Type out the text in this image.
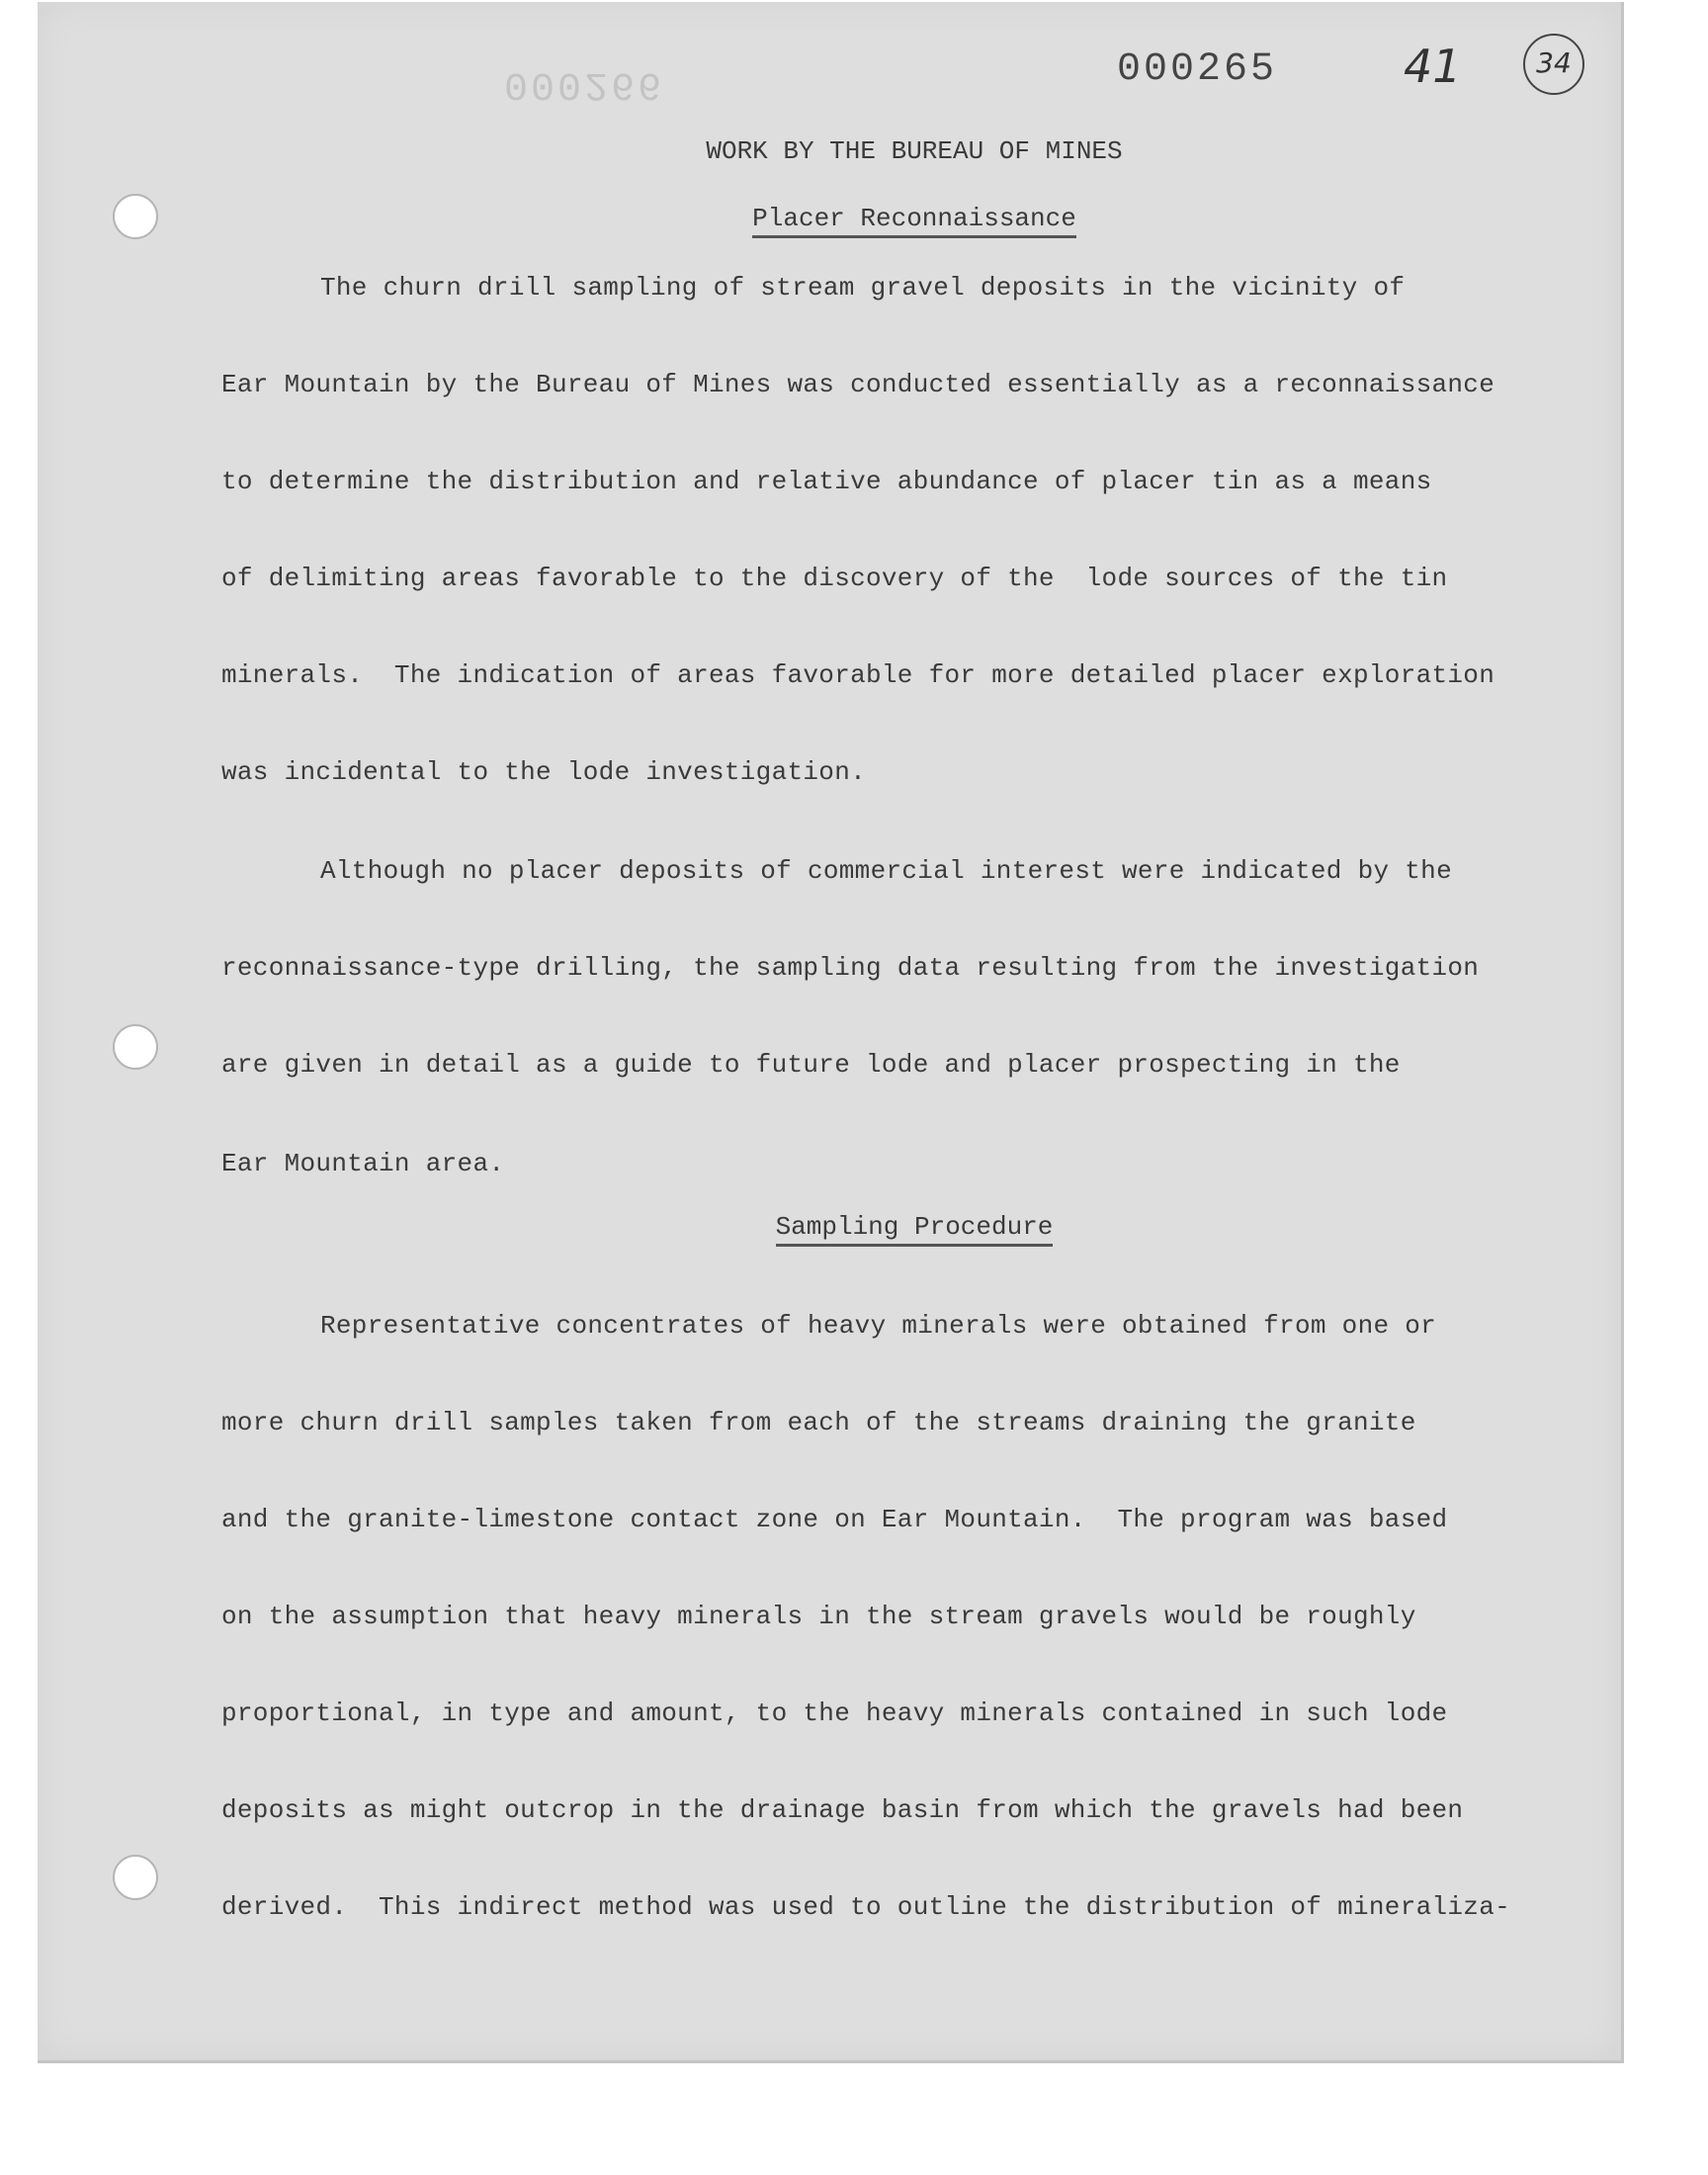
000266	000265	41	34
WORK BY THE BUREAU OF MINES
Placer Reconnaissance
The churn drill sampling of stream gravel deposits in the vicinity of
Ear Mountain by the Bureau of Mines was conducted essentially as a reconnaissance
to determine the distribution and relative abundance of placer tin as a means
of delimiting areas favorable to the discovery of the  lode sources of the tin
minerals.  The indication of areas favorable for more detailed placer exploration
was incidental to the lode investigation.
Although no placer deposits of commercial interest were indicated by the
reconnaissance-type drilling, the sampling data resulting from the investigation
are given in detail as a guide to future lode and placer prospecting in the
Ear Mountain area.
Sampling Procedure
Representative concentrates of heavy minerals were obtained from one or
more churn drill samples taken from each of the streams draining the granite
and the granite-limestone contact zone on Ear Mountain.  The program was based
on the assumption that heavy minerals in the stream gravels would be roughly
proportional, in type and amount, to the heavy minerals contained in such lode
deposits as might outcrop in the drainage basin from which the gravels had been
derived.  This indirect method was used to outline the distribution of mineraliza-
